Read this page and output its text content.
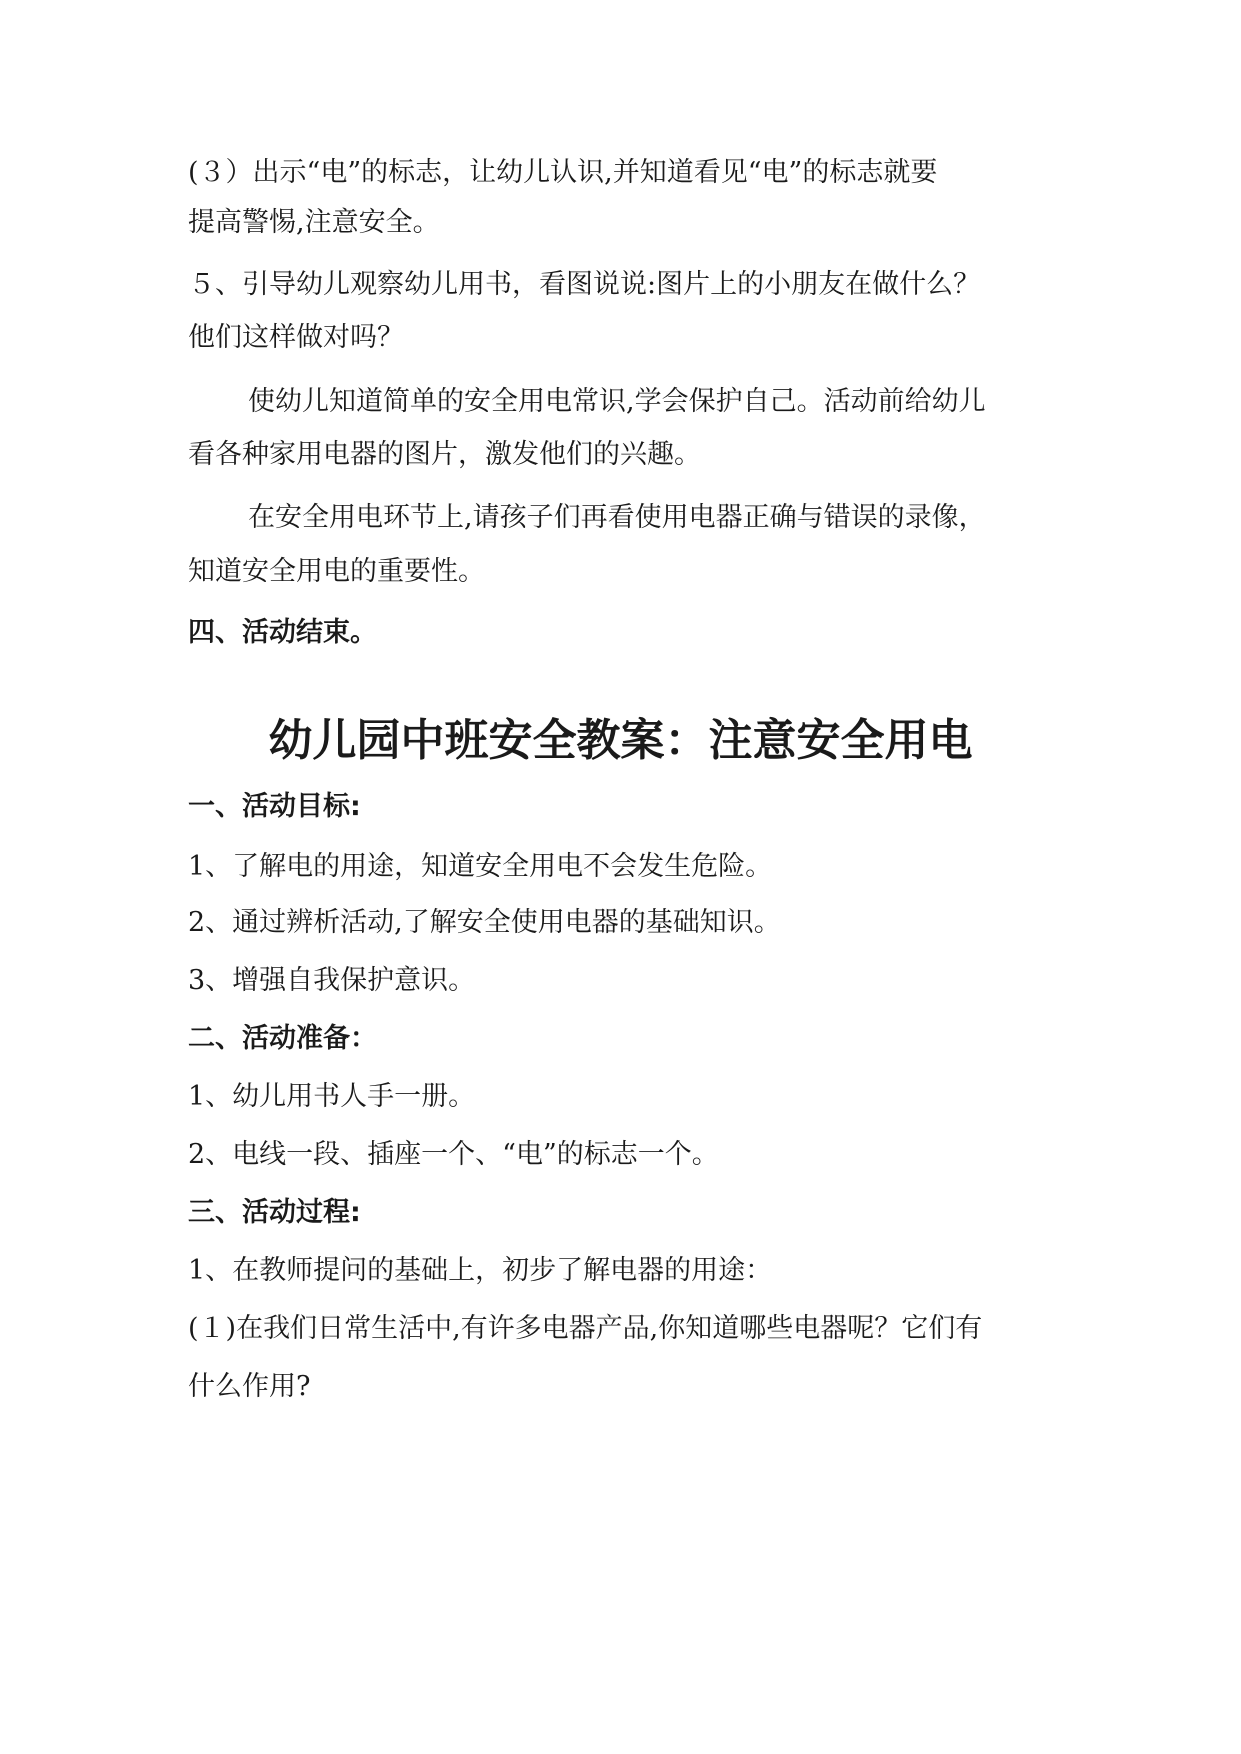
(３）出示“电”的标志，让幼儿认识,并知道看见“电”的标志就要
提高警惕,注意安全。
５、引导幼儿观察幼儿用书，看图说说:图片上的小朋友在做什么？
他们这样做对吗？
使幼儿知道简单的安全用电常识,学会保护自己。活动前给幼儿
看各种家用电器的图片，激发他们的兴趣。
在安全用电环节上,请孩子们再看使用电器正确与错误的录像，
知道安全用电的重要性。
四、活动结束。
幼儿园中班安全教案：注意安全用电
一、活动目标:
1、了解电的用途，知道安全用电不会发生危险。
2、通过辨析活动,了解安全使用电器的基础知识。
3、增强自我保护意识。
二、活动准备：
1、幼儿用书人手一册。
2、电线一段、插座一个、“电”的标志一个。
三、活动过程:
1、在教师提问的基础上，初步了解电器的用途：
(１)在我们日常生活中,有许多电器产品,你知道哪些电器呢？它们有
什么作用?
